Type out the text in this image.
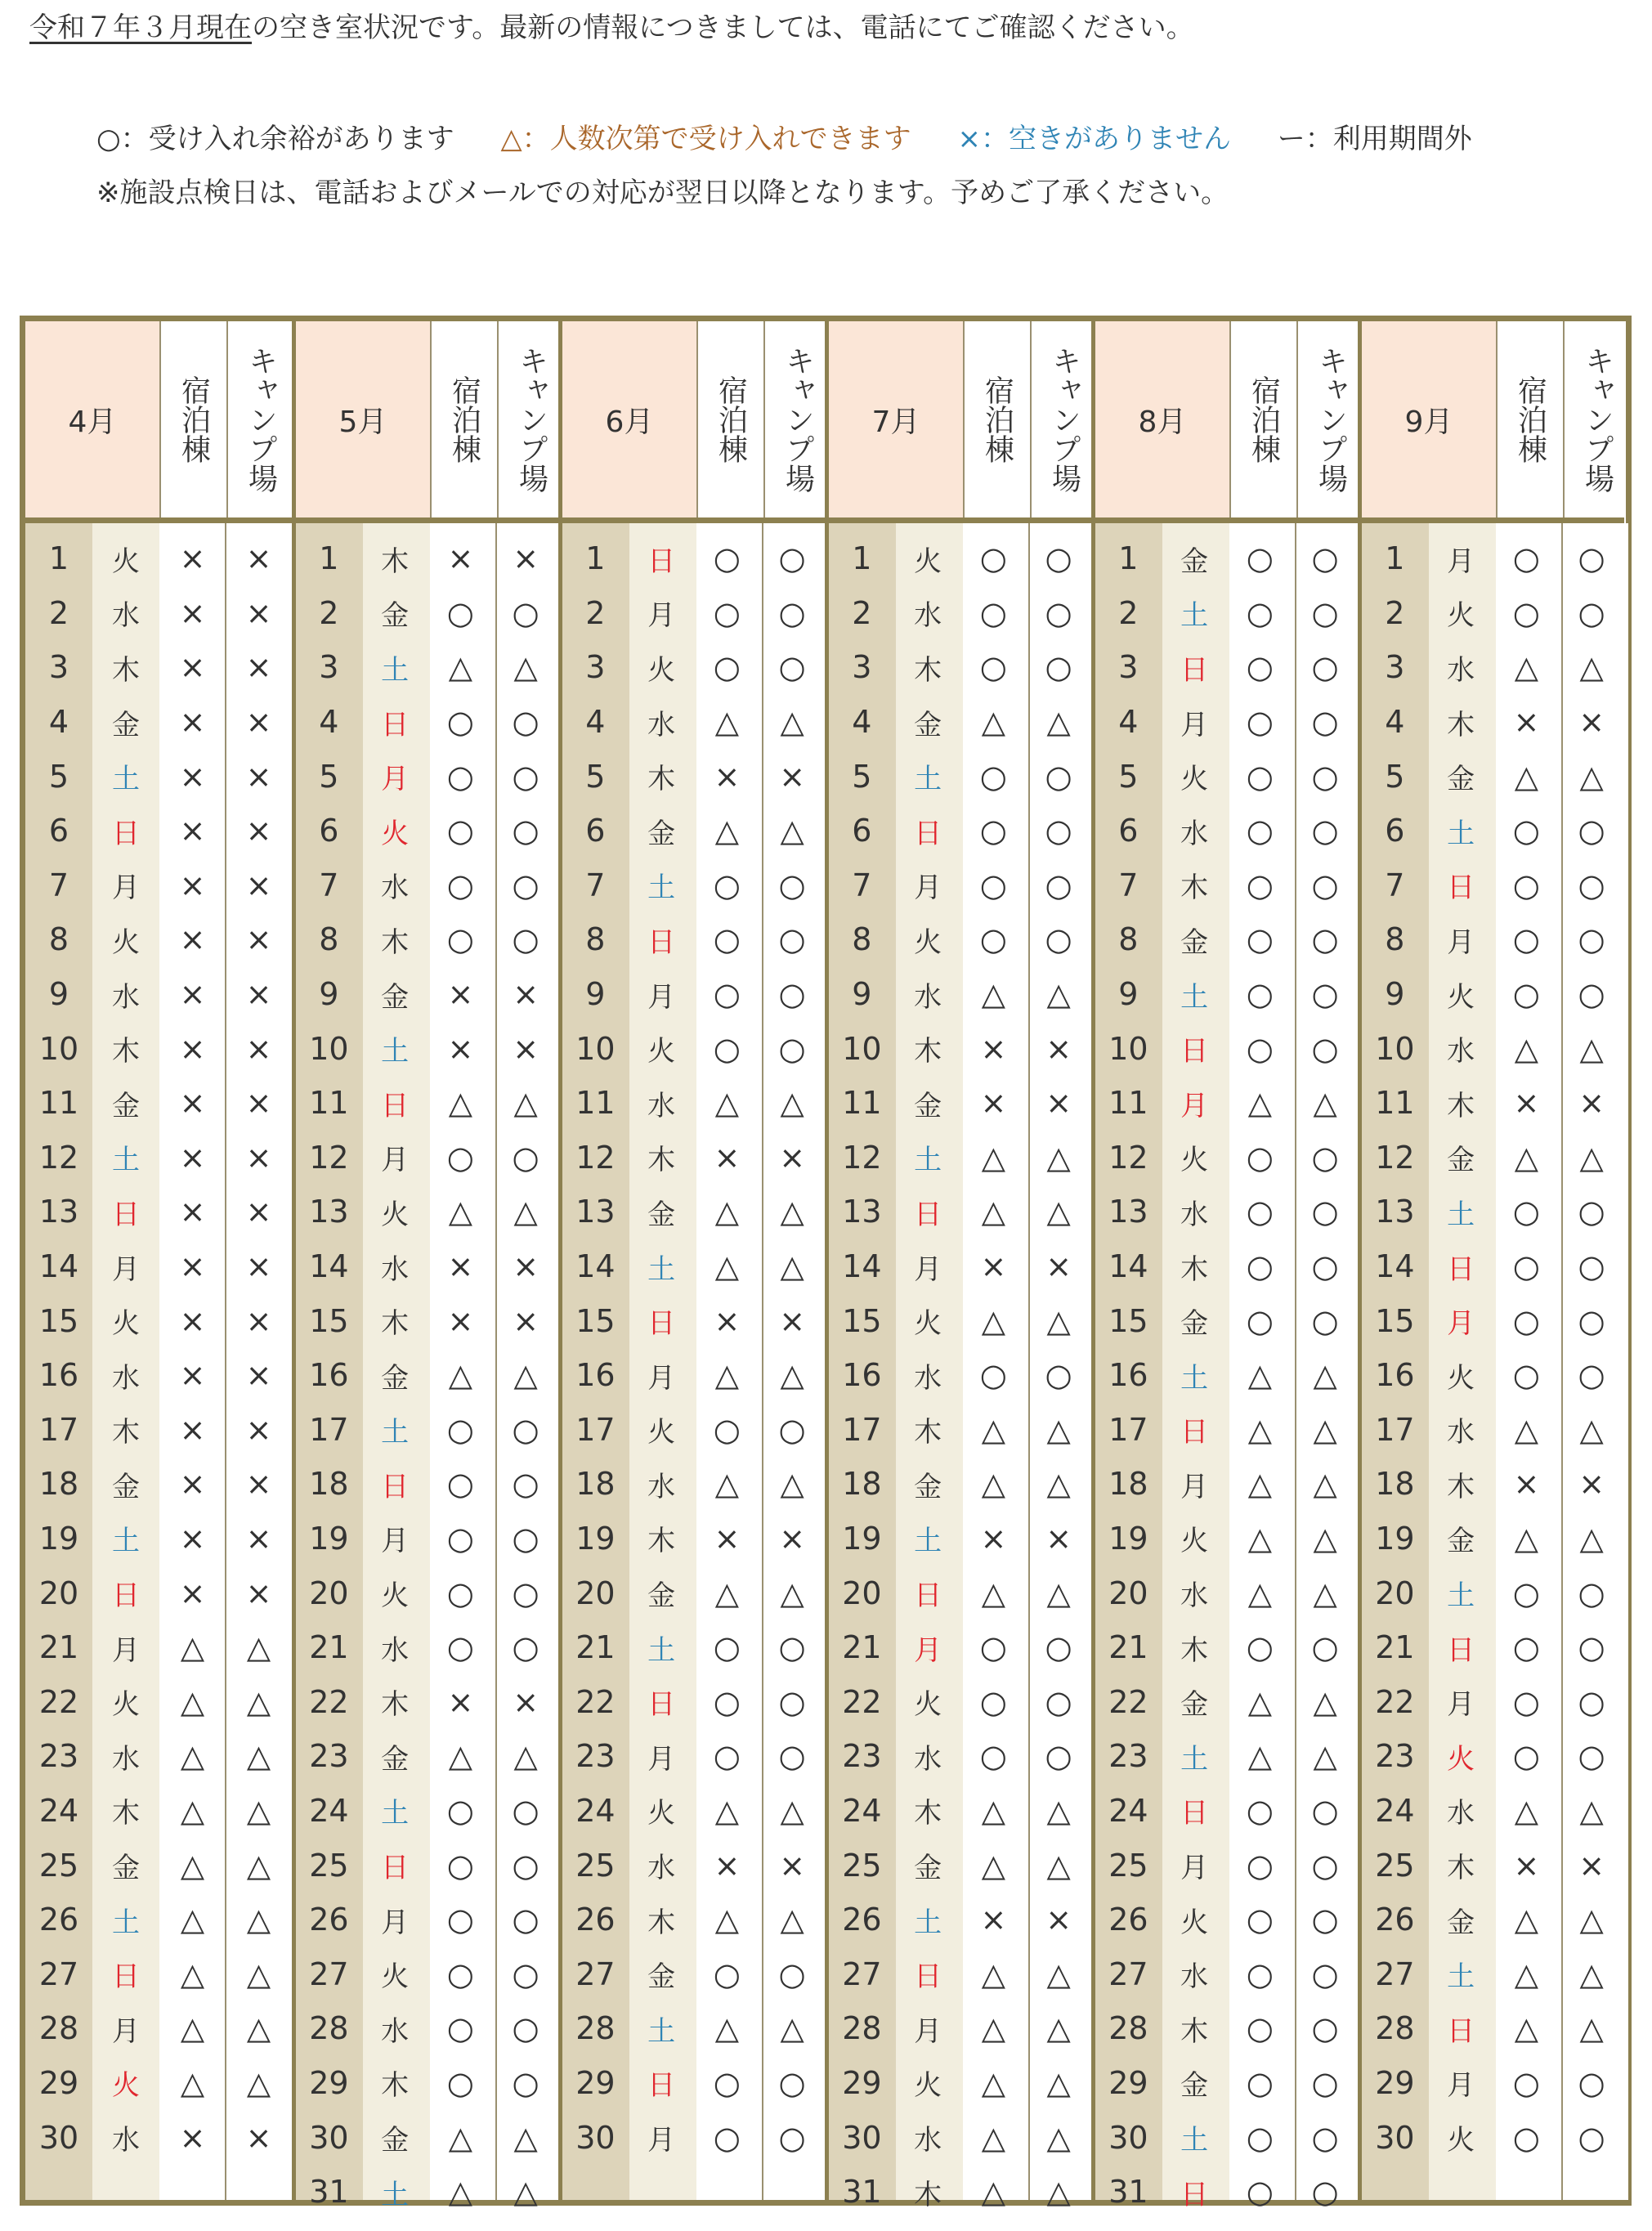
令和７年３月現在の空き室状況です。最新の情報につきましては、電話にてご確認ください。
○：受け入れ余裕があります △：人数次第で受け入れできます ×：空きがありません ー：利用期間外
※施設点検日は、電話およびメールでの対応が翌日以降となります。予めご了承ください。
4月	宿泊棟	キャンプ場
1	火	×	×
2	水	×	×
3	木	×	×
4	金	×	×
5	土	×	×
6	日	×	×
7	月	×	×
8	火	×	×
9	水	×	×
10	木	×	×
11	金	×	×
12	土	×	×
13	日	×	×
14	月	×	×
15	火	×	×
16	水	×	×
17	木	×	×
18	金	×	×
19	土	×	×
20	日	×	×
21	月	△	△
22	火	△	△
23	水	△	△
24	木	△	△
25	金	△	△
26	土	△	△
27	日	△	△
28	月	△	△
29	火	△	△
30	水	×	×
5月	宿泊棟	キャンプ場
1	木	×	×
2	金	○	○
3	土	△	△
4	日	○	○
5	月	○	○
6	火	○	○
7	水	○	○
8	木	○	○
9	金	×	×
10	土	×	×
11	日	△	△
12	月	○	○
13	火	△	△
14	水	×	×
15	木	×	×
16	金	△	△
17	土	○	○
18	日	○	○
19	月	○	○
20	火	○	○
21	水	○	○
22	木	×	×
23	金	△	△
24	土	○	○
25	日	○	○
26	月	○	○
27	火	○	○
28	水	○	○
29	木	○	○
30	金	△	△
31	土	△	△
6月	宿泊棟	キャンプ場
1	日	○	○
2	月	○	○
3	火	○	○
4	水	△	△
5	木	×	×
6	金	△	△
7	土	○	○
8	日	○	○
9	月	○	○
10	火	○	○
11	水	△	△
12	木	×	×
13	金	△	△
14	土	△	△
15	日	×	×
16	月	△	△
17	火	○	○
18	水	△	△
19	木	×	×
20	金	△	△
21	土	○	○
22	日	○	○
23	月	○	○
24	火	△	△
25	水	×	×
26	木	△	△
27	金	○	○
28	土	△	△
29	日	○	○
30	月	○	○
7月	宿泊棟	キャンプ場
1	火	○	○
2	水	○	○
3	木	○	○
4	金	△	△
5	土	○	○
6	日	○	○
7	月	○	○
8	火	○	○
9	水	△	△
10	木	×	×
11	金	×	×
12	土	△	△
13	日	△	△
14	月	×	×
15	火	△	△
16	水	○	○
17	木	△	△
18	金	△	△
19	土	×	×
20	日	△	△
21	月	○	○
22	火	○	○
23	水	○	○
24	木	△	△
25	金	△	△
26	土	×	×
27	日	△	△
28	月	△	△
29	火	△	△
30	水	△	△
31	木	△	△
8月	宿泊棟	キャンプ場
1	金	○	○
2	土	○	○
3	日	○	○
4	月	○	○
5	火	○	○
6	水	○	○
7	木	○	○
8	金	○	○
9	土	○	○
10	日	○	○
11	月	△	△
12	火	○	○
13	水	○	○
14	木	○	○
15	金	○	○
16	土	△	△
17	日	△	△
18	月	△	△
19	火	△	△
20	水	△	△
21	木	○	○
22	金	△	△
23	土	△	△
24	日	○	○
25	月	○	○
26	火	○	○
27	水	○	○
28	木	○	○
29	金	○	○
30	土	○	○
31	日	○	○
9月	宿泊棟	キャンプ場
1	月	○	○
2	火	○	○
3	水	△	△
4	木	×	×
5	金	△	△
6	土	○	○
7	日	○	○
8	月	○	○
9	火	○	○
10	水	△	△
11	木	×	×
12	金	△	△
13	土	○	○
14	日	○	○
15	月	○	○
16	火	○	○
17	水	△	△
18	木	×	×
19	金	△	△
20	土	○	○
21	日	○	○
22	月	○	○
23	火	○	○
24	水	△	△
25	木	×	×
26	金	△	△
27	土	△	△
28	日	△	△
29	月	○	○
30	火	○	○
